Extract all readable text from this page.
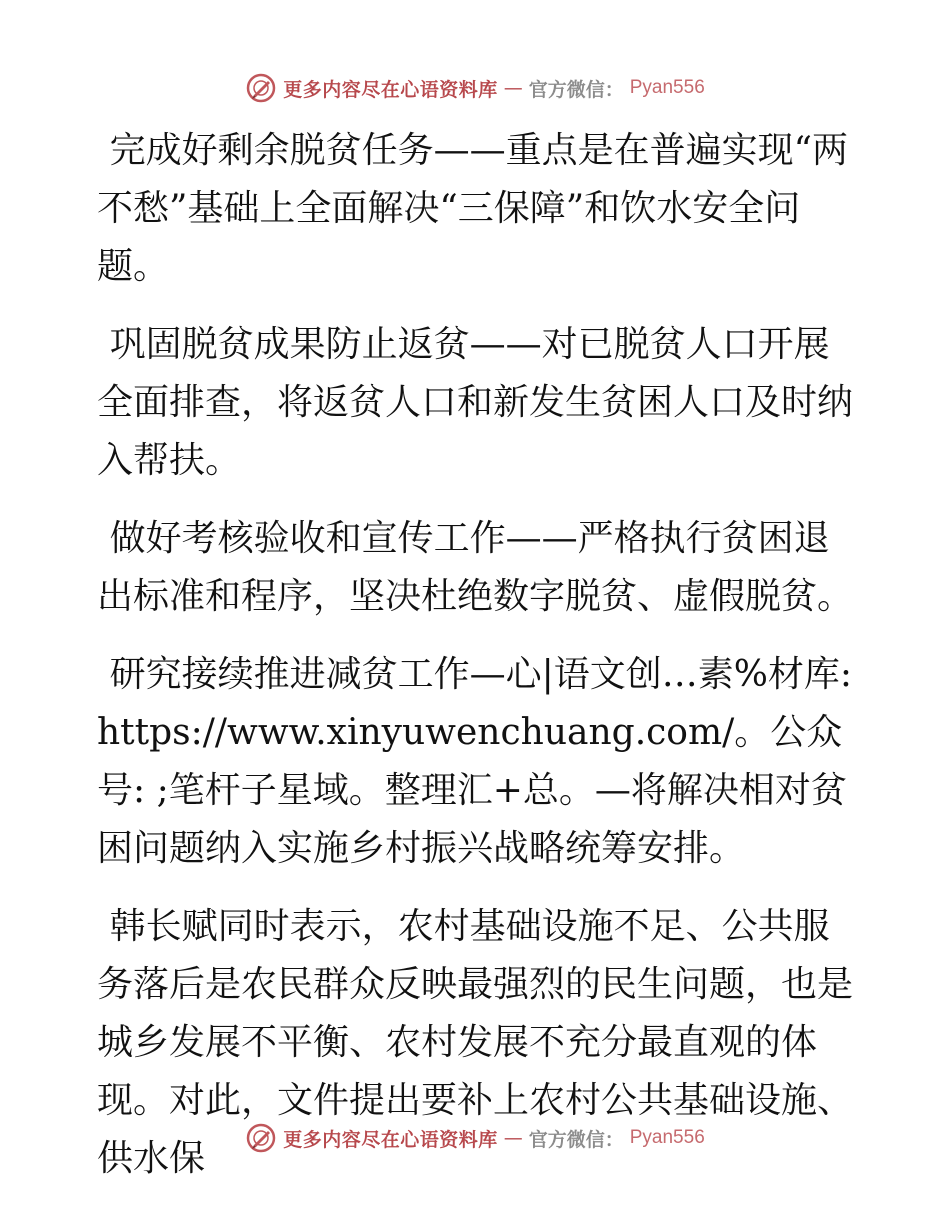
更多内容尽在心语资料库 — 官方微信： Pyan556

完成好剩余脱贫任务——重点是在普遍实现“两不愁”基础上全面解决“三保障”和饮水安全问题。

巩固脱贫成果防止返贫——对已脱贫人口开展全面排查，将返贫人口和新发生贫困人口及时纳入帮扶。

做好考核验收和宣传工作——严格执行贫困退出标准和程序，坚决杜绝数字脱贫、虚假脱贫。

研究接续推进减贫工作—心|语文创…素%材库: https://www.xinyuwenchuang.com/。公众号: ;笔杆子星域。整理汇+总。—将解决相对贫困问题纳入实施乡村振兴战略统筹安排。

韩长赋同时表示，农村基础设施不足、公共服务落后是农民群众反映最强烈的民生问题，也是城乡发展不平衡、农村发展不充分最直观的体现。对此，文件提出要补上农村公共基础设施、供水保	更多内容尽在心语资料库 — 官方微信： Pyan556
